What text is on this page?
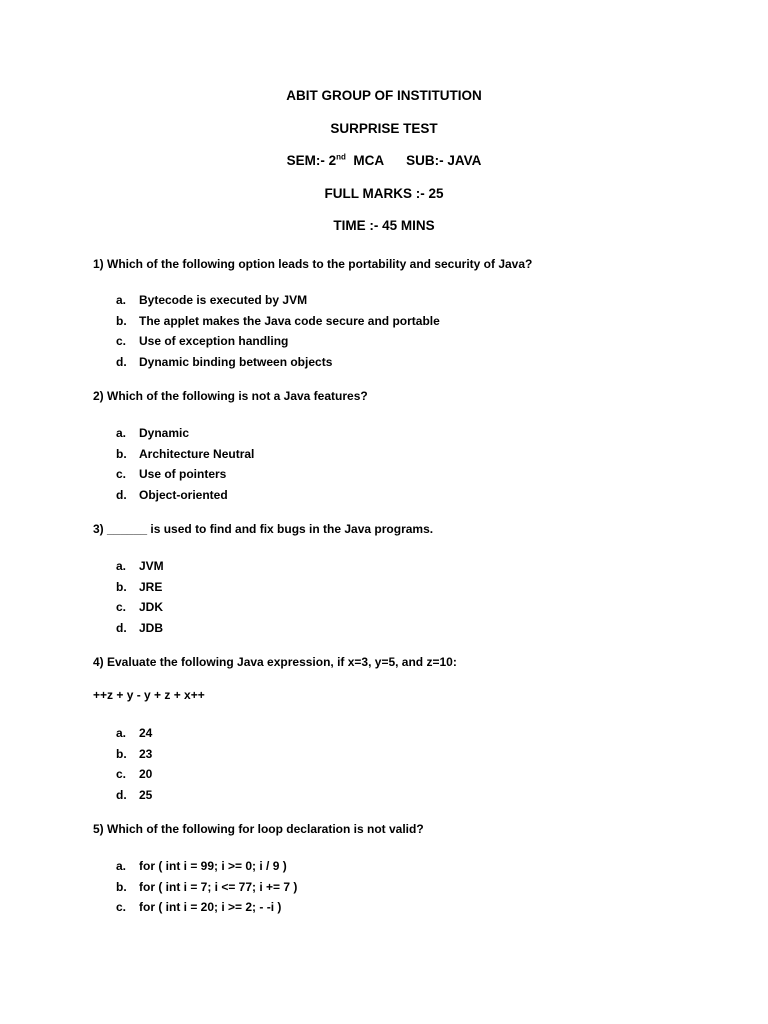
ABIT GROUP OF INSTITUTION
SURPRISE TEST
SEM:- 2nd  MCA SUB:- JAVA
FULL MARKS :- 25
TIME :- 45 MINS
1) Which of the following option leads to the portability and security of Java?
a. Bytecode is executed by JVM
b. The applet makes the Java code secure and portable
c. Use of exception handling
d. Dynamic binding between objects
2) Which of the following is not a Java features?
a. Dynamic
b. Architecture Neutral
c. Use of pointers
d. Object-oriented
3) ______ is used to find and fix bugs in the Java programs.
a. JVM
b. JRE
c. JDK
d. JDB
4) Evaluate the following Java expression, if x=3, y=5, and z=10:
++z + y - y + z + x++
a. 24
b. 23
c. 20
d. 25
5) Which of the following for loop declaration is not valid?
a. for ( int i = 99; i >= 0; i / 9 )
b. for ( int i = 7; i <= 77; i += 7 )
c. for ( int i = 20; i >= 2; - -i )
